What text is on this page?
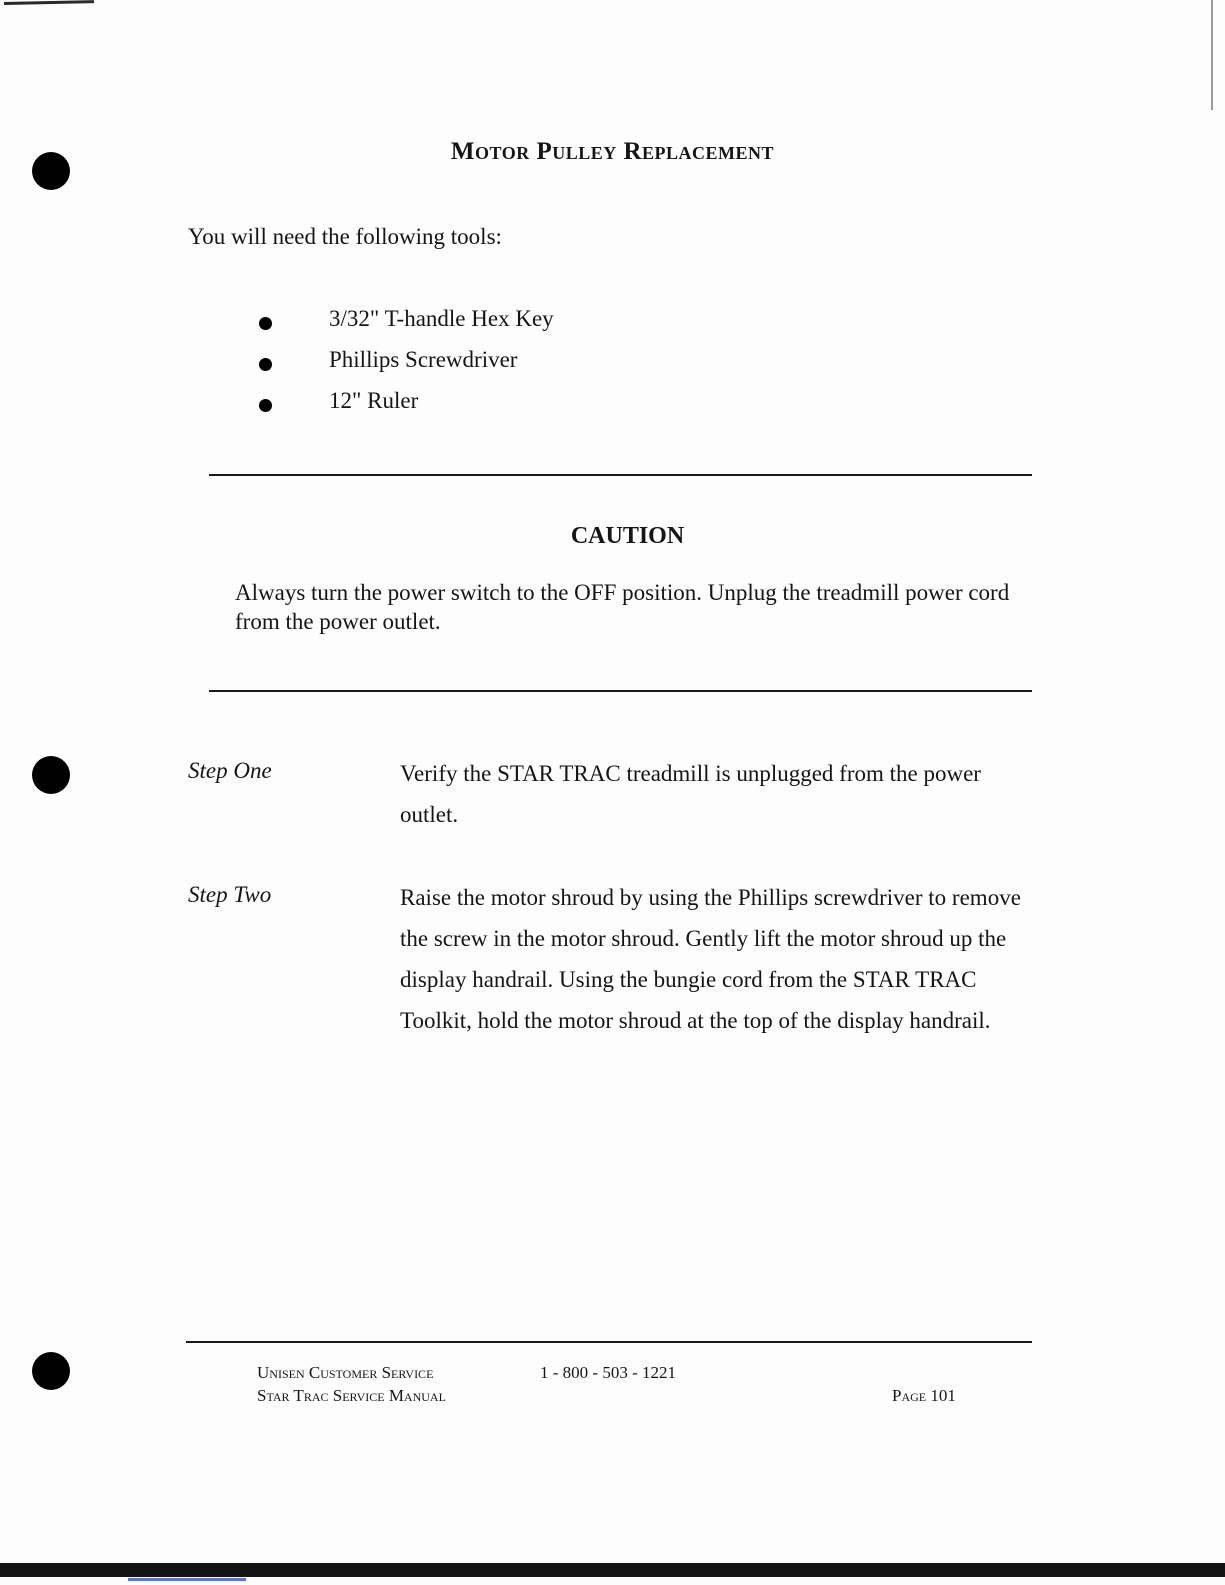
Motor Pulley Replacement
You will need the following tools:
3/32" T-handle Hex Key
Phillips Screwdriver
12" Ruler
CAUTION
Always turn the power switch to the OFF position. Unplug the treadmill power cord from the power outlet.
Step One	Verify the STAR TRAC treadmill is unplugged from the power outlet.
Step Two	Raise the motor shroud by using the Phillips screwdriver to remove the screw in the motor shroud. Gently lift the motor shroud up the display handrail. Using the bungie cord from the STAR TRAC Toolkit, hold the motor shroud at the top of the display handrail.
Unisen Customer Service
Star Trac Service Manual
1 - 800 - 503 - 1221
Page 101
